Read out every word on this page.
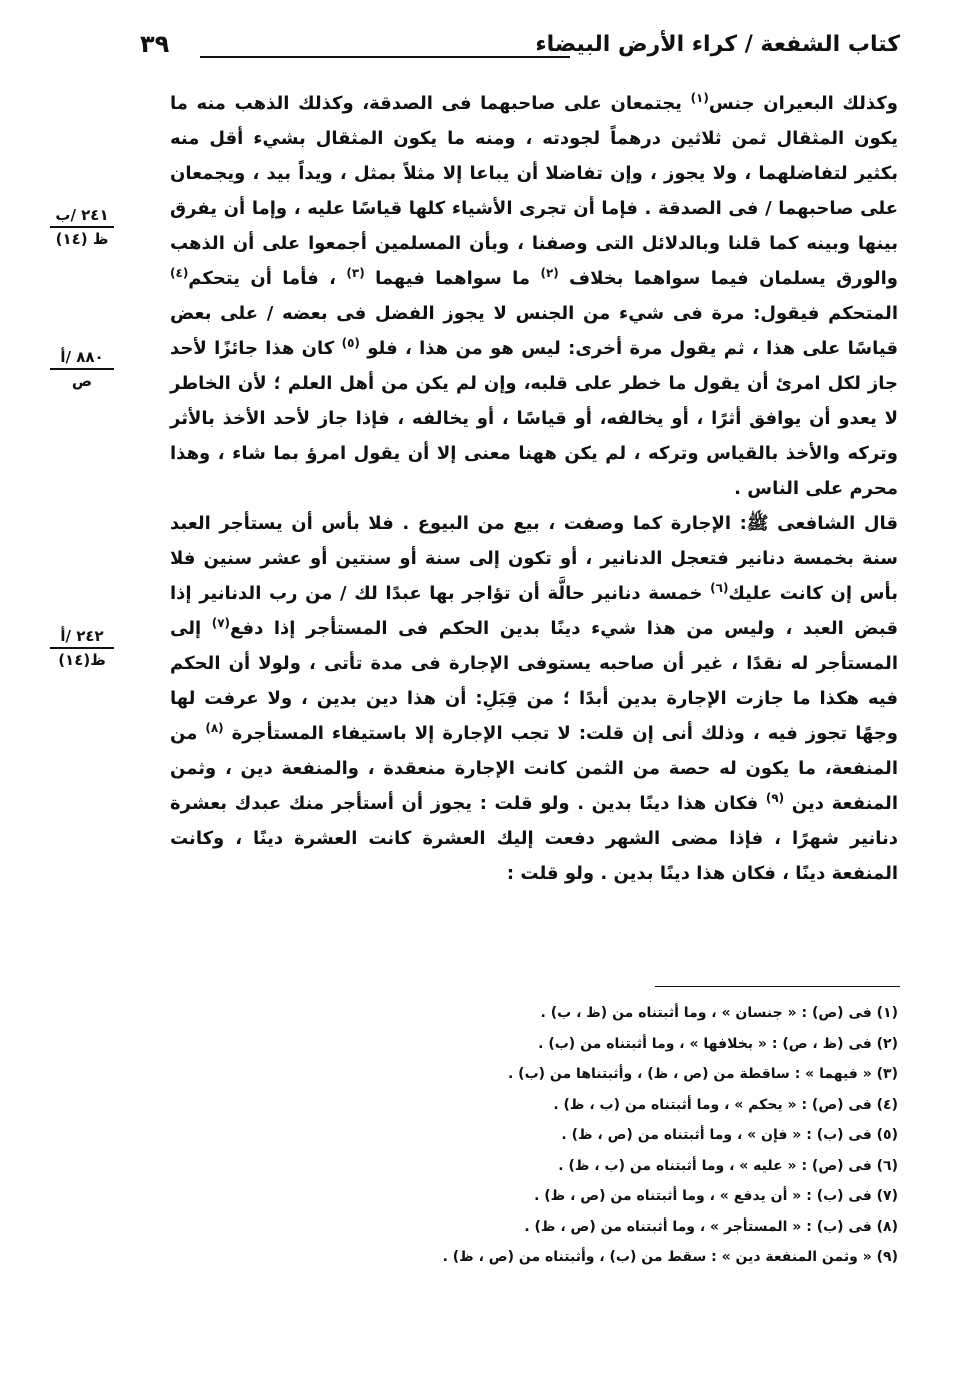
كتاب الشفعة / كراء الأرض البيضاء
٣٩
٢٤١ /ب
ظ (١٤)
٨٨٠ /أ
ص
٢٤٢ /أ
ظ(١٤)

وكذلك البعيران جنس$^{(١)}$ يجتمعان على صاحبهما فى الصدقة، وكذلك الذهب منه ما يكون المثقال ثمن ثلاثين درهماً لجودته ، ومنه ما يكون المثقال بشيء أقل منه بكثير لتفاضلهما ، ولا يجوز ، وإن تفاضلا أن يباعا إلا مثلاً بمثل ، ويداً بيد ، ويجمعان على صاحبهما / فى الصدقة . فإما أن تجرى الأشياء كلها قياسًا عليه ، وإما أن يفرق بينها وبينه كما قلنا وبالدلائل التى وصفنا ، وبأن المسلمين أجمعوا على أن الذهب والورق يسلمان فيما سواهما بخلاف $^{(٢)}$ ما سواهما فيهما $^{(٣)}$ ، فأما أن يتحكم$^{(٤)}$ المتحكم فيقول: مرة فى شيء من الجنس لا يجوز الفضل فى بعضه / على بعض قياسًا على هذا ، ثم يقول مرة أخرى: ليس هو من هذا ، فلو $^{(٥)}$ كان هذا جائزًا لأحد جاز لكل امرئ أن يقول ما خطر على قلبه، وإن لم يكن من أهل العلم ؛ لأن الخاطر لا يعدو أن يوافق أثرًا ، أو يخالفه، أو قياسًا ، أو يخالفه ، فإذا جاز لأحد الأخذ بالأثر وتركه والأخذ بالقياس وتركه ، لم يكن ههنا معنى إلا أن يقول امرؤ بما شاء ، وهذا محرم على الناس .

قال الشافعى ﷺ: الإجارة كما وصفت ، بيع من البيوع . فلا بأس أن يستأجر العبد سنة بخمسة دنانير فتعجل الدنانير ، أو تكون إلى سنة أو سنتين أو عشر سنين فلا بأس إن كانت عليك$^{(٦)}$ خمسة دنانير حالَّة أن تؤاجر بها عبدًا لك / من رب الدنانير إذا قبض العبد ، وليس من هذا شيء دينًا بدين الحكم فى المستأجر إذا دفع$^{(٧)}$ إلى المستأجر له نقدًا ، غير أن صاحبه يستوفى الإجارة فى مدة تأتى ، ولولا أن الحكم فيه هكذا ما جازت الإجارة بدين أبدًا ؛ من قِبَلِ: أن هذا دين بدين ، ولا عرفت لها وجهًا تجوز فيه ، وذلك أنى إن قلت: لا تجب الإجارة إلا باستيفاء المستأجرة $^{(٨)}$ من المنفعة، ما يكون له حصة من الثمن كانت الإجارة منعقدة ، والمنفعة دين ، وثمن المنفعة دين $^{(٩)}$ فكان هذا دينًا بدين . ولو قلت : يجوز أن أستأجر منك عبدك بعشرة دنانير شهرًا ، فإذا مضى الشهر دفعت إليك العشرة كانت العشرة دينًا ، وكانت المنفعة دينًا ، فكان هذا دينًا بدين . ولو قلت :

(١) فى (ص) : « جنسان » ، وما أثبتناه من (ظ ، ب) .
(٢) فى (ظ ، ص) : « بخلافها » ، وما أثبتناه من (ب) .
(٣) « فيهما » : ساقطة من (ص ، ظ) ، وأثبتناها من (ب) .
(٤) فى (ص) : « يحكم » ، وما أثبتناه من (ب ، ظ) .
(٥) فى (ب) : « فإن » ، وما أثبتناه من (ص ، ظ) .
(٦) فى (ص) : « عليه » ، وما أثبتناه من (ب ، ظ) .
(٧) فى (ب) : « أن يدفع » ، وما أثبتناه من (ص ، ظ) .
(٨) فى (ب) : « المستأجر » ، وما أثبتناه من (ص ، ظ) .
(٩) « وثمن المنفعة دين » : سقط من (ب) ، وأثبتناه من (ص ، ظ) .
